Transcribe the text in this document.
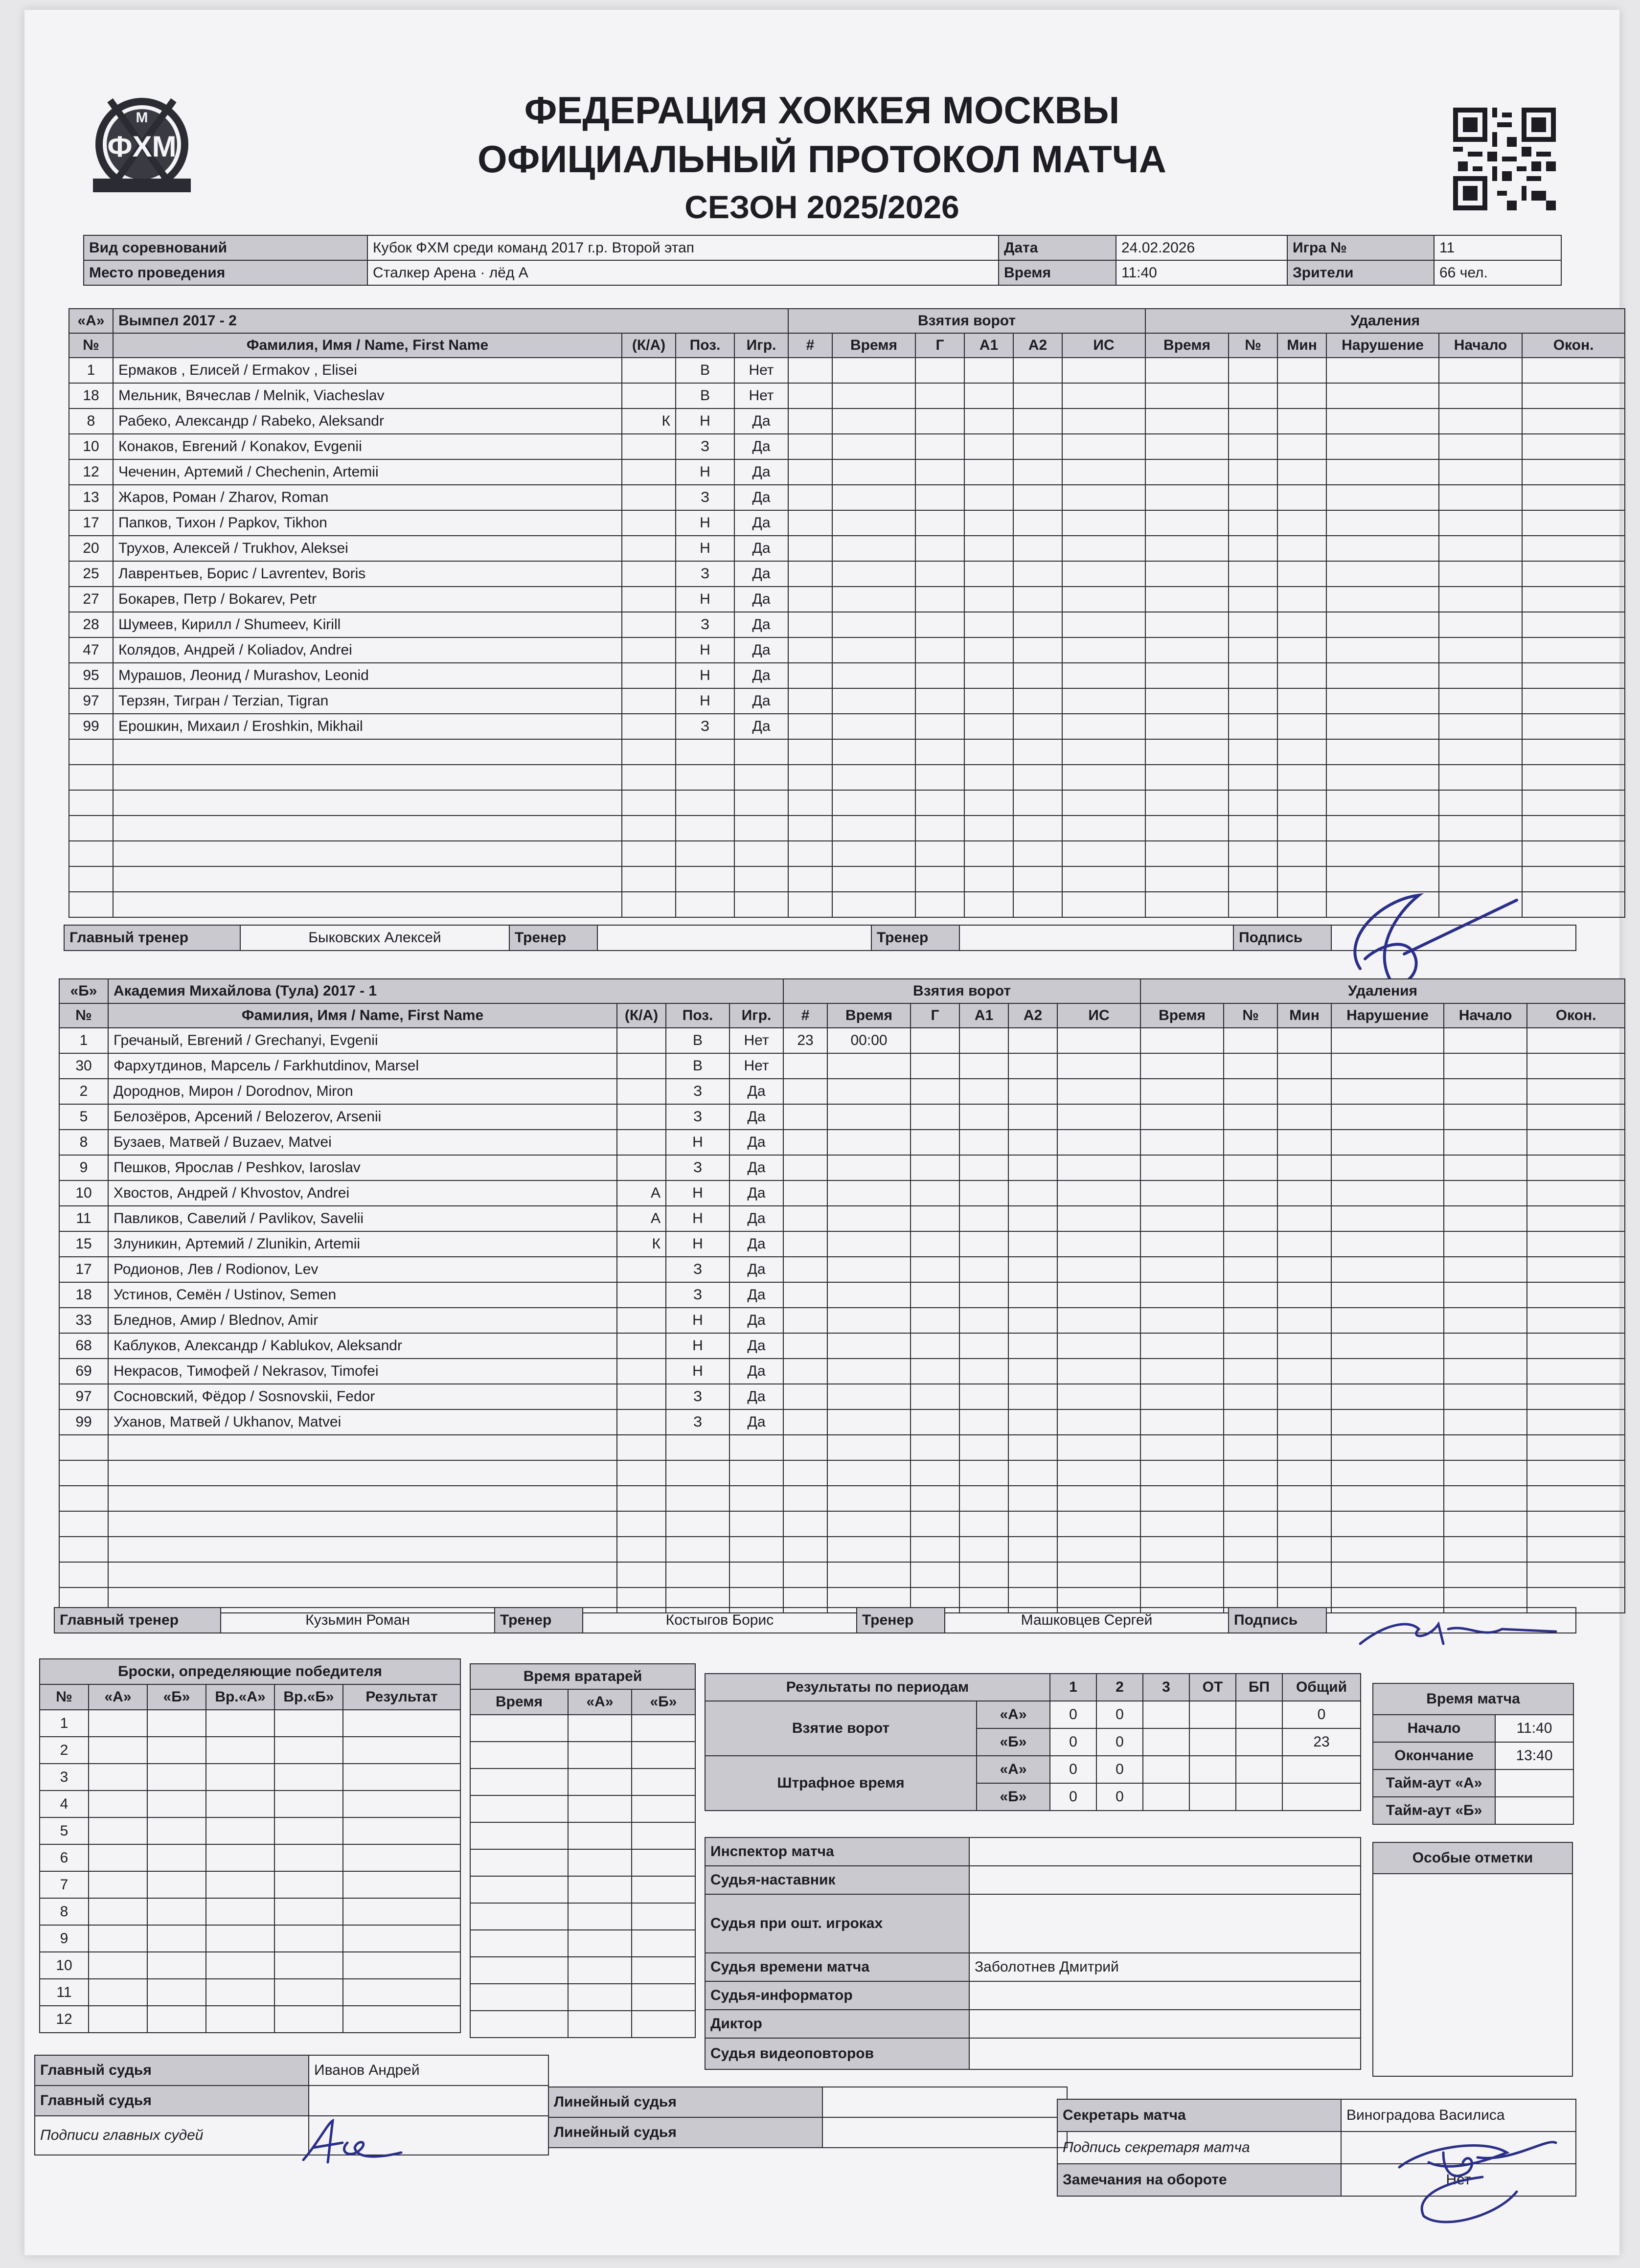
М
ФХМ
ФЕДЕРАЦИЯ ХОККЕЯ МОСКВЫ
ОФИЦИАЛЬНЫЙ ПРОТОКОЛ МАТЧА
СЕЗОН 2025/2026
Вид соревнований	Кубок ФХМ среди команд 2017 г.р. Второй этап	Дата	24.02.2026	Игра №	11
Место проведения	Сталкер Арена · лёд А	Время	11:40	Зрители	66 чел.
«А»	Вымпел 2017 - 2				Взятия ворот						Удаления					
№	Фамилия, Имя / Name, First Name	(К/А)	Поз.	Игр.	#	Время	Г	А1	А2	ИС	Время	№	Мин	Нарушение	Начало	Окон.
1	Ермаков , Елисей / Ermakov , Elisei		В	Нет												
18	Мельник, Вячеслав / Melnik, Viacheslav		В	Нет												
8	Рабеко, Александр / Rabeko, Aleksandr	К	Н	Да												
10	Конаков, Евгений / Konakov, Evgenii		З	Да												
12	Чеченин, Артемий / Chechenin, Artemii		Н	Да												
13	Жаров, Роман / Zharov, Roman		З	Да												
17	Папков, Тихон / Papkov, Tikhon		Н	Да												
20	Трухов, Алексей / Trukhov, Aleksei		Н	Да												
25	Лаврентьев, Борис / Lavrentev, Boris		З	Да												
27	Бокарев, Петр / Bokarev, Petr		Н	Да												
28	Шумеев, Кирилл / Shumeev, Kirill		З	Да												
47	Колядов, Андрей / Koliadov, Andrei		Н	Да												
95	Мурашов, Леонид / Murashov, Leonid		Н	Да												
97	Терзян, Тигран / Terzian, Tigran		Н	Да												
99	Ерошкин, Михаил / Eroshkin, Mikhail		З	Да												

Главный тренер	Быковских Алексей	Тренер		Тренер		Подпись	
«Б»	Академия Михайлова (Тула) 2017 - 1				Взятия ворот						Удаления					
№	Фамилия, Имя / Name, First Name	(К/А)	Поз.	Игр.	#	Время	Г	А1	А2	ИС	Время	№	Мин	Нарушение	Начало	Окон.
1	Гречаный, Евгений / Grechanyi, Evgenii		В	Нет	23	00:00										
30	Фархутдинов, Марсель / Farkhutdinov, Marsel		В	Нет												
2	Дороднов, Мирон / Dorodnov, Miron		З	Да												
5	Белозёров, Арсений / Belozerov, Arsenii		З	Да												
8	Бузаев, Матвей / Buzaev, Matvei		Н	Да												
9	Пешков, Ярослав / Peshkov, Iaroslav		З	Да												
10	Хвостов, Андрей / Khvostov, Andrei	А	Н	Да												
11	Павликов, Савелий / Pavlikov, Savelii	А	Н	Да												
15	Злуникин, Артемий / Zlunikin, Artemii	К	Н	Да												
17	Родионов, Лев / Rodionov, Lev		З	Да												
18	Устинов, Семён / Ustinov, Semen		З	Да												
33	Бледнов, Амир / Blednov, Amir		Н	Да												
68	Каблуков, Александр / Kablukov, Aleksandr		Н	Да												
69	Некрасов, Тимофей / Nekrasov, Timofei		Н	Да												
97	Сосновский, Фёдор / Sosnovskii, Fedor		З	Да												
99	Уханов, Матвей / Ukhanov, Matvei		З	Да												

Главный тренер	Кузьмин Роман	Тренер	Костыгов Борис	Тренер	Машковцев Сергей	Подпись	
Броски, определяющие победителя					
№	«А»	«Б»	Вр.«А»	Вр.«Б»	Результат
1					
2					
3					
4					
5					
6					
7					
8					
9					
10					
11					
12					
Время вратарей		
Время	«А»	«Б»

Результаты по периодам		1	2	3	ОТ	БП	Общий
Взятие ворот	«А»	0	0				0
	«Б»	0	0				23
Штрафное время	«А»	0	0				
	«Б»	0	0				
Время матча	
Начало	11:40
Окончание	13:40
Тайм-аут «А»	
Тайм-аут «Б»	
Инспектор матча	
Судья-наставник	
Судья при ошт. игроках	
Судья времени матча	Заболотнев Дмитрий
Судья-информатор	
Диктор	
Судья видеоповторов	
Особые отметки

Главный судья	Иванов Андрей
Главный судья	
Подписи главных судей	
Линейный судья	
Линейный судья	
Секретарь матча	Виноградова Василиса
Подпись секретаря матча	
Замечания на обороте	Нет
